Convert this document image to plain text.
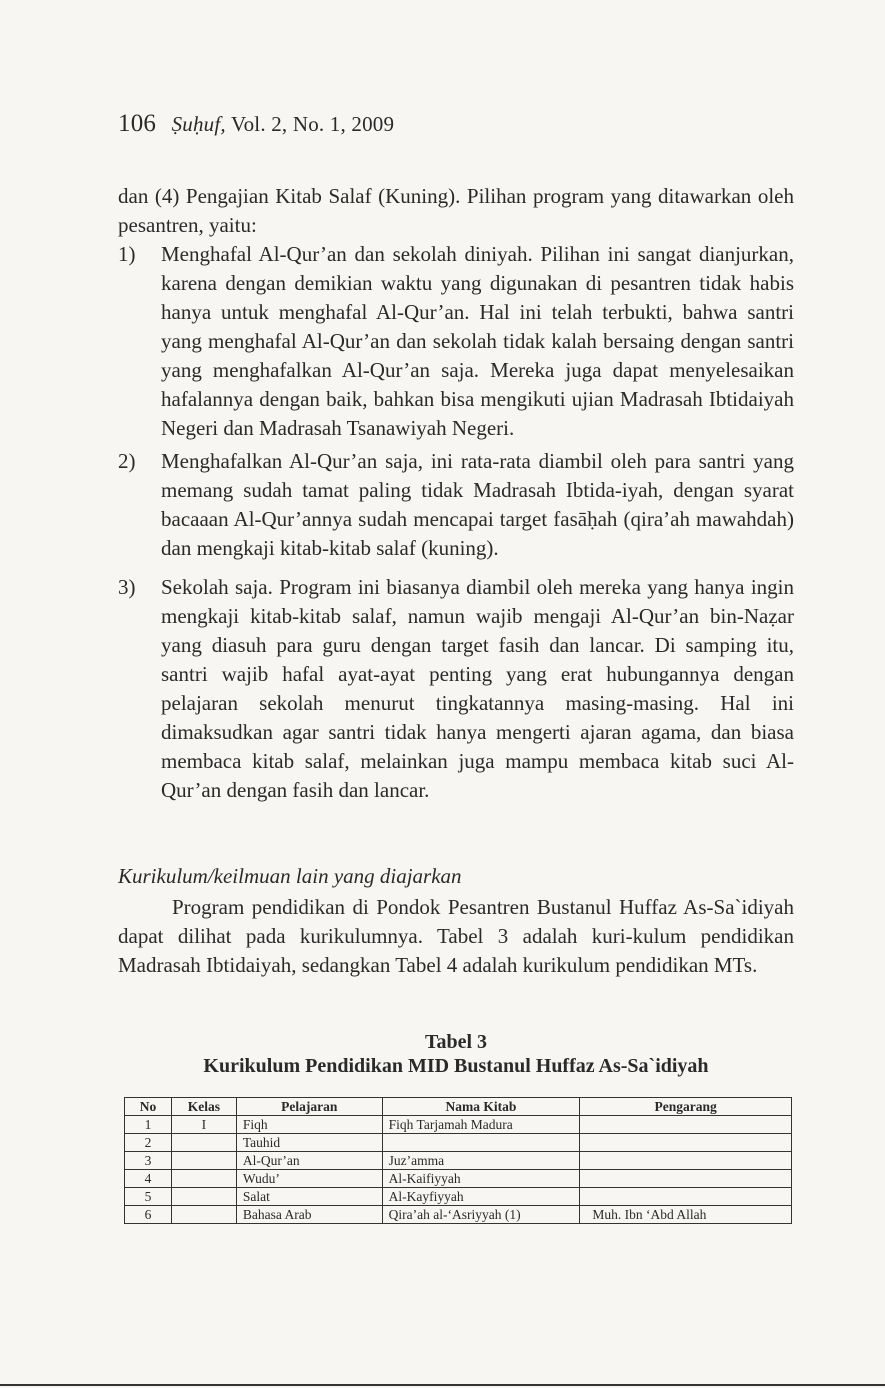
106 Ṣuḥuf, Vol. 2, No. 1, 2009

dan (4) Pengajian Kitab Salaf (Kuning). Pilihan program yang ditawarkan oleh pesantren, yaitu:

1) Menghafal Al-Qur’an dan sekolah diniyah. Pilihan ini sangat dianjurkan, karena dengan demikian waktu yang digunakan di pesantren tidak habis hanya untuk menghafal Al-Qur’an. Hal ini telah terbukti, bahwa santri yang menghafal Al-Qur’an dan sekolah tidak kalah bersaing dengan santri yang menghafalkan Al-Qur’an saja. Mereka juga dapat menyelesaikan hafalannya dengan baik, bahkan bisa mengikuti ujian Madrasah Ibtidaiyah Negeri dan Madrasah Tsanawiyah Negeri.
2) Menghafalkan Al-Qur’an saja, ini rata-rata diambil oleh para santri yang memang sudah tamat paling tidak Madrasah Ibtida-iyah, dengan syarat bacaaan Al-Qur’annya sudah mencapai target fasāḥah (qira’ah mawahdah) dan mengkaji kitab-kitab salaf (kuning).
3) Sekolah saja. Program ini biasanya diambil oleh mereka yang hanya ingin mengkaji kitab-kitab salaf, namun wajib mengaji Al-Qur’an bin-Naẓar yang diasuh para guru dengan target fasih dan lancar. Di samping itu, santri wajib hafal ayat-ayat penting yang erat hubungannya dengan pelajaran sekolah menurut tingkatannya masing-masing. Hal ini dimaksudkan agar santri tidak hanya mengerti ajaran agama, dan biasa membaca kitab salaf, melainkan juga mampu membaca kitab suci Al-Qur’an dengan fasih dan lancar.
Kurikulum/keilmuan lain yang diajarkan

Program pendidikan di Pondok Pesantren Bustanul Huffaz As-Sa`idiyah dapat dilihat pada kurikulumnya. Tabel 3 adalah kuri-kulum pendidikan Madrasah Ibtidaiyah, sedangkan Tabel 4 adalah kurikulum pendidikan MTs.

Tabel 3
Kurikulum Pendidikan MID Bustanul Huffaz As-Sa`idiyah
No	Kelas	Pelajaran	Nama Kitab	Pengarang
1	I	Fiqh	Fiqh Tarjamah Madura	
2		Tauhid		
3		Al-Qur’an	Juz’amma	
4		Wudu’	Al-Kaifiyyah	
5		Salat	Al-Kayfiyyah	
6		Bahasa Arab	Qira’ah al-‘Asriyyah (1)	Muh. Ibn ‘Abd Allah
